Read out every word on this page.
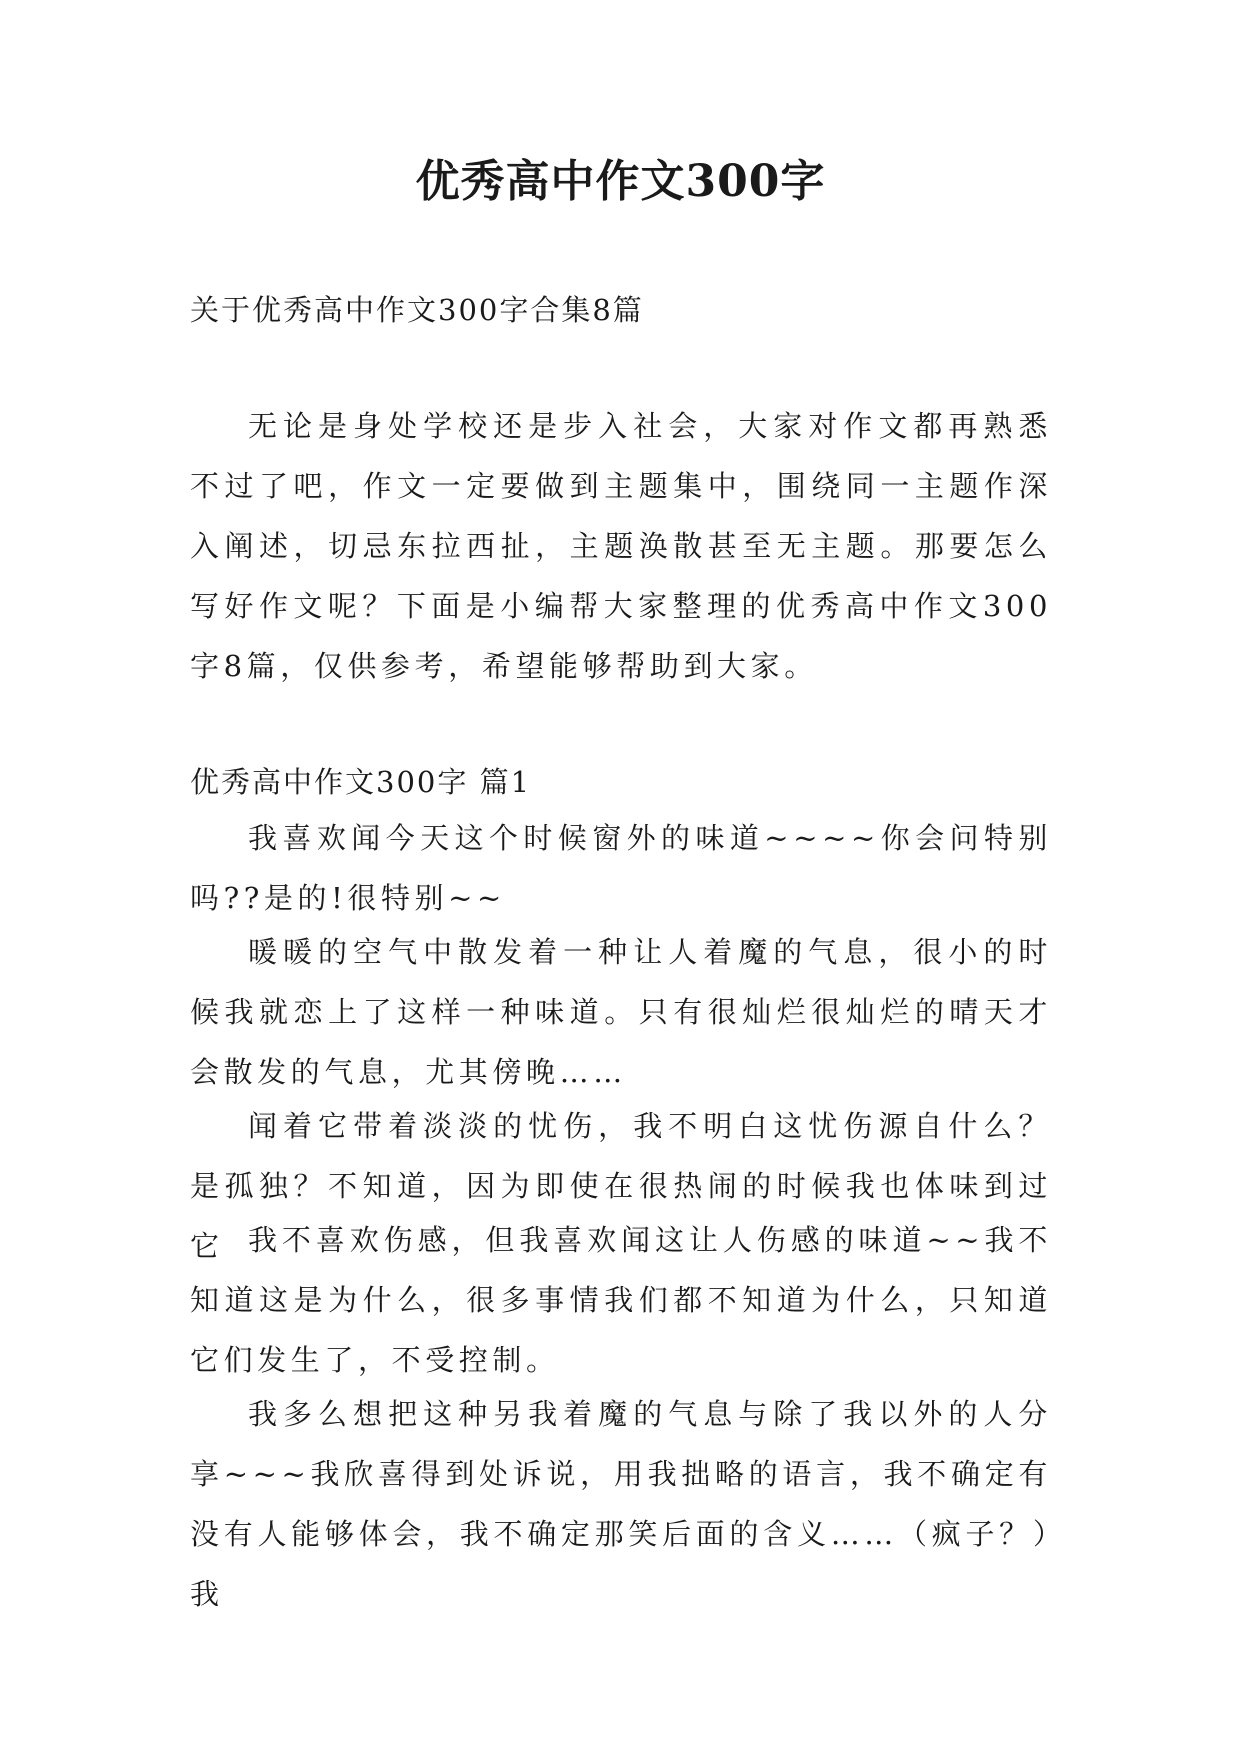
优秀高中作文300字
关于优秀高中作文300字合集8篇

无论是身处学校还是步入社会，大家对作文都再熟悉不过了吧，作文一定要做到主题集中，围绕同一主题作深入阐述，切忌东拉西扯，主题涣散甚至无主题。那要怎么写好作文呢？下面是小编帮大家整理的优秀高中作文300字8篇，仅供参考，希望能够帮助到大家。

优秀高中作文300字 篇1

我喜欢闻今天这个时候窗外的味道~~~~你会问特别吗??是的!很特别~~

暖暖的空气中散发着一种让人着魔的气息，很小的时候我就恋上了这样一种味道。只有很灿烂很灿烂的晴天才会散发的气息，尤其傍晚……

闻着它带着淡淡的忧伤，我不明白这忧伤源自什么？是孤独？不知道，因为即使在很热闹的时候我也体味到过它 我不喜欢伤感，但我喜欢闻这让人伤感的味道~~我不知道这是为什么，很多事情我们都不知道为什么，只知道它们发生了，不受控制。

我多么想把这种另我着魔的气息与除了我以外的人分享~~~我欣喜得到处诉说，用我拙略的语言，我不确定有没有人能够体会，我不确定那笑后面的含义……（疯子？）我
